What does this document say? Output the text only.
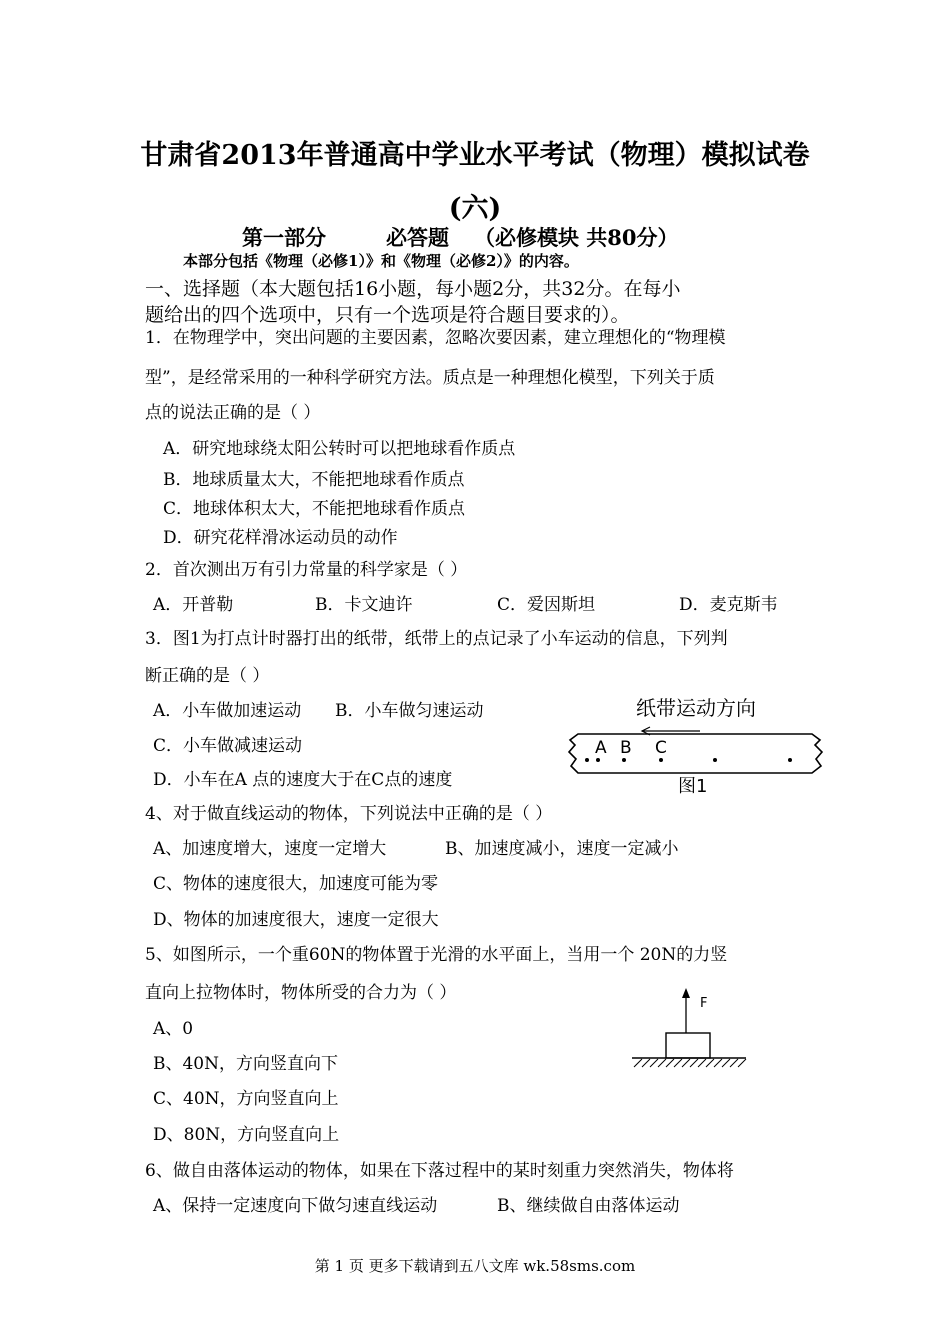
甘肃省2013年普通高中学业水平考试（物理）模拟试卷
(六)
第一部分	必答题 （必修模块 共80分）
本部分包括《物理（必修1）》和《物理（必修2）》的内容。
一、选择题（本大题包括16小题，每小题2分，共32分。在每小
题给出的四个选项中，只有一个选项是符合题目要求的）。
1．在物理学中，突出问题的主要因素，忽略次要因素，建立理想化的“物理模
型”，是经常采用的一种科学研究方法。质点是一种理想化模型，下列关于质
点的说法正确的是（ ）
A．研究地球绕太阳公转时可以把地球看作质点
B．地球质量太大，不能把地球看作质点
C．地球体积太大，不能把地球看作质点
D．研究花样滑冰运动员的动作
2．首次测出万有引力常量的科学家是（ ）
A．开普勒	B．卡文迪许	C．爱因斯坦	D．麦克斯韦
3．图1为打点计时器打出的纸带，纸带上的点记录了小车运动的信息，下列判
断正确的是（ ）
A．小车做加速运动 B．小车做匀速运动
C．小车做减速运动
D．小车在A 点的速度大于在C点的速度
纸带运动方向
A B C
图1
4、对于做直线运动的物体，下列说法中正确的是（ ）
A、加速度增大，速度一定增大	B、加速度减小，速度一定减小
C、物体的速度很大，加速度可能为零
D、物体的加速度很大，速度一定很大
5、如图所示，一个重60N的物体置于光滑的水平面上，当用一个 20N的力竖
直向上拉物体时，物体所受的合力为（ ）
A、0
B、40N，方向竖直向下
C、40N，方向竖直向上
D、80N，方向竖直向上
F
6、做自由落体运动的物体，如果在下落过程中的某时刻重力突然消失，物体将
A、保持一定速度向下做匀速直线运动	B、继续做自由落体运动
第 1 页 更多下载请到五八文库 wk.58sms.com
